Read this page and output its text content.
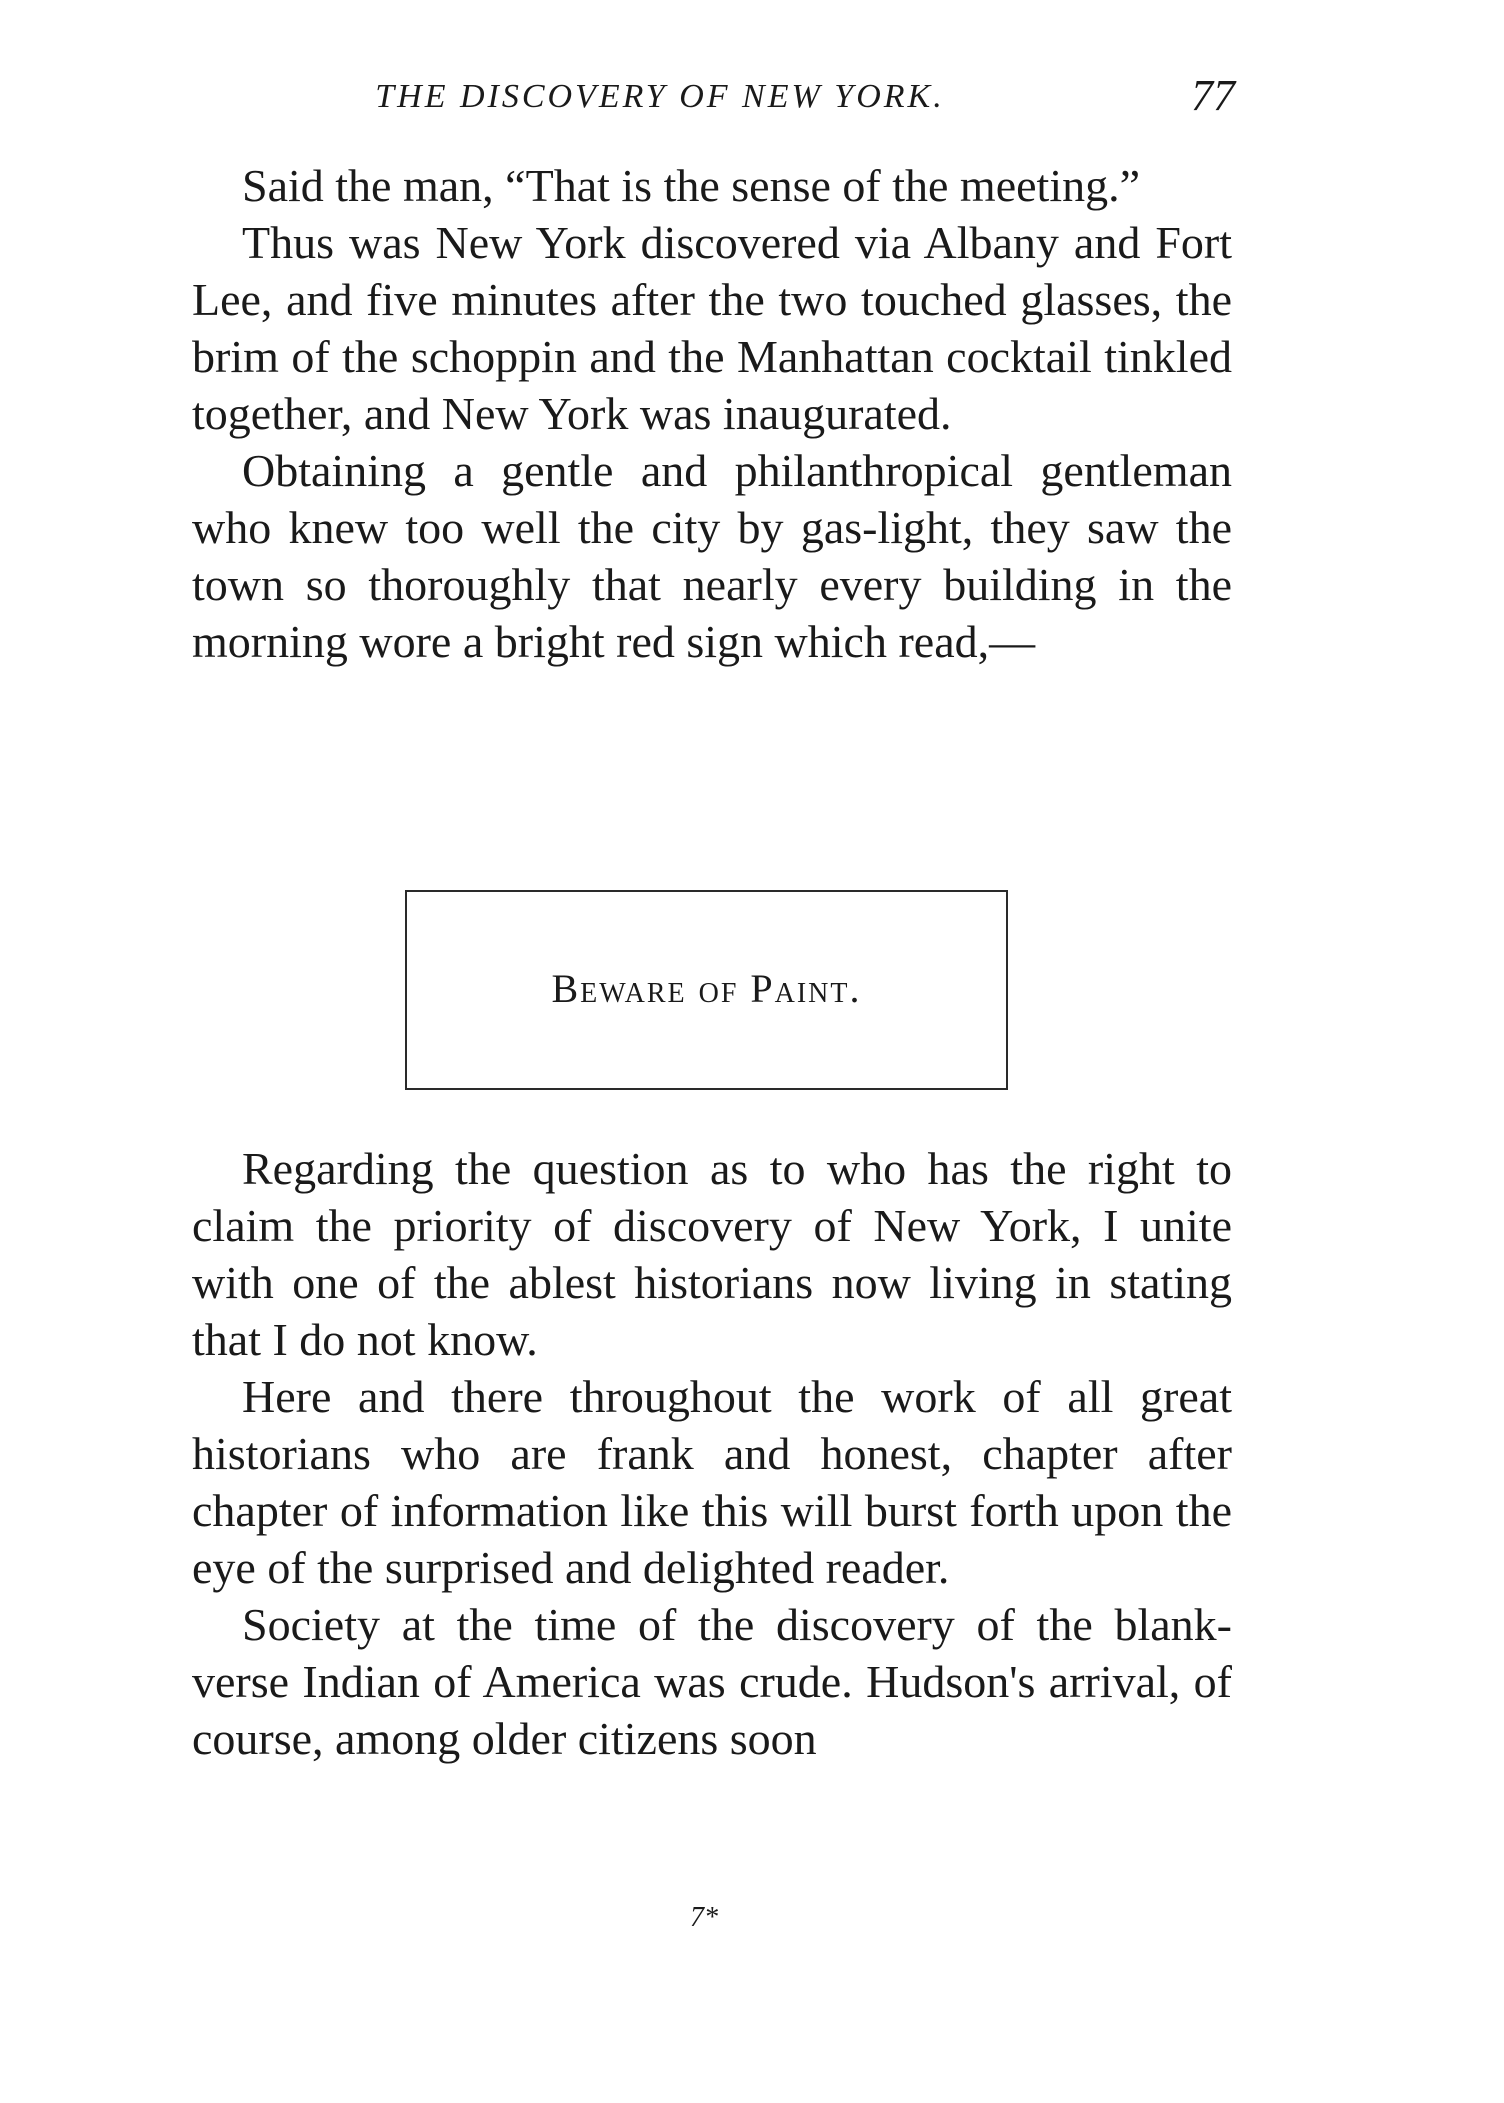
THE DISCOVERY OF NEW YORK.	77

Said the man, “That is the sense of the meeting.”

Thus was New York discovered via Albany and Fort Lee, and five minutes after the two touched glasses, the brim of the schoppin and the Manhattan cocktail tinkled together, and New York was inaugurated.

Obtaining a gentle and philanthropical gentleman who knew too well the city by gas-light, they saw the town so thoroughly that nearly every building in the morning wore a bright red sign which read,—

Beware of Paint.

Regarding the question as to who has the right to claim the priority of discovery of New York, I unite with one of the ablest historians now living in stating that I do not know.

Here and there throughout the work of all great historians who are frank and honest, chapter after chapter of information like this will burst forth upon the eye of the surprised and delighted reader.

Society at the time of the discovery of the blank-verse Indian of America was crude. Hudson's arrival, of course, among older citizens soon

7*
